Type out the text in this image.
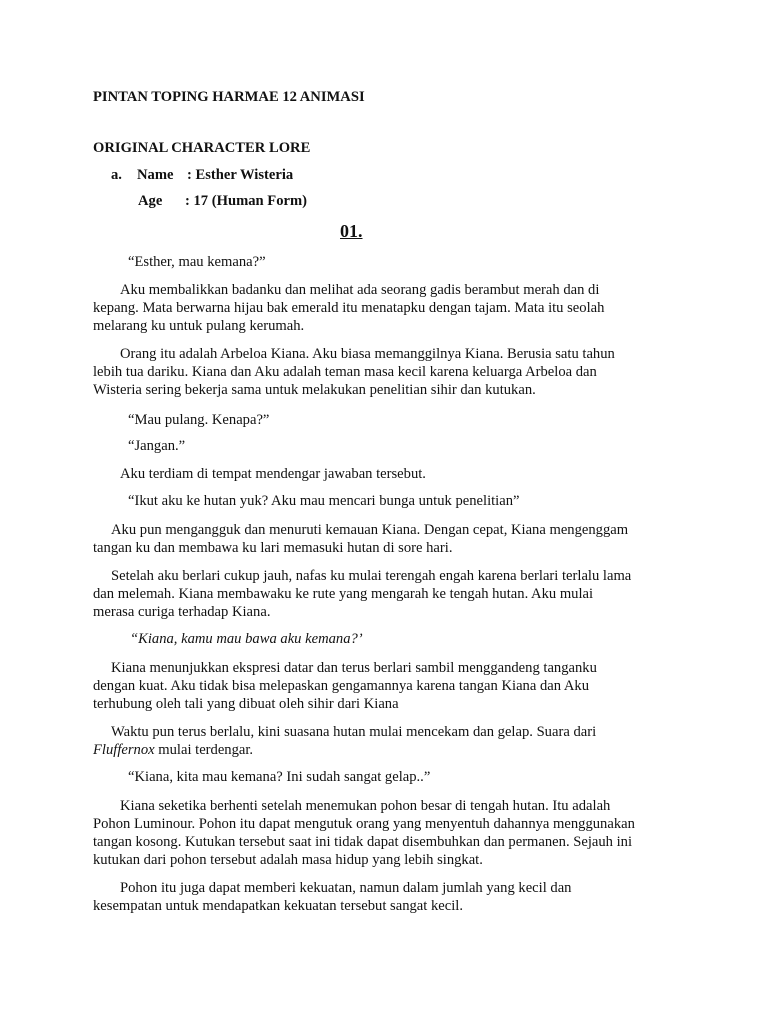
PINTAN TOPING HARMAE 12 ANIMASI
ORIGINAL CHARACTER LORE
a. Name : Esther Wisteria
Age : 17 (Human Form)
01.
“Esther, mau kemana?”
Aku membalikkan badanku dan melihat ada seorang gadis berambut merah dan di
kepang. Mata berwarna hijau bak emerald itu menatapku dengan tajam. Mata itu seolah
melarang ku untuk pulang kerumah.
Orang itu adalah Arbeloa Kiana. Aku biasa memanggilnya Kiana. Berusia satu tahun
lebih tua dariku. Kiana dan Aku adalah teman masa kecil karena keluarga Arbeloa dan
Wisteria sering bekerja sama untuk melakukan penelitian sihir dan kutukan.
“Mau pulang. Kenapa?”
“Jangan.”
Aku terdiam di tempat mendengar jawaban tersebut.
“Ikut aku ke hutan yuk? Aku mau mencari bunga untuk penelitian”
Aku pun mengangguk dan menuruti kemauan Kiana. Dengan cepat, Kiana mengenggam
tangan ku dan membawa ku lari memasuki hutan di sore hari.
Setelah aku berlari cukup jauh, nafas ku mulai terengah engah karena berlari terlalu lama
dan melemah. Kiana membawaku ke rute yang mengarah ke tengah hutan. Aku mulai
merasa curiga terhadap Kiana.
“Kiana, kamu mau bawa aku kemana?’
Kiana menunjukkan ekspresi datar dan terus berlari sambil menggandeng tanganku
dengan kuat. Aku tidak bisa melepaskan gengamannya karena tangan Kiana dan Aku
terhubung oleh tali yang dibuat oleh sihir dari Kiana
Waktu pun terus berlalu, kini suasana hutan mulai mencekam dan gelap. Suara dari
Fluffernox mulai terdengar.
“Kiana, kita mau kemana? Ini sudah sangat gelap..”
Kiana seketika berhenti setelah menemukan pohon besar di tengah hutan. Itu adalah
Pohon Luminour. Pohon itu dapat mengutuk orang yang menyentuh dahannya menggunakan
tangan kosong. Kutukan tersebut saat ini tidak dapat disembuhkan dan permanen. Sejauh ini
kutukan dari pohon tersebut adalah masa hidup yang lebih singkat.
Pohon itu juga dapat memberi kekuatan, namun dalam jumlah yang kecil dan
kesempatan untuk mendapatkan kekuatan tersebut sangat kecil.
